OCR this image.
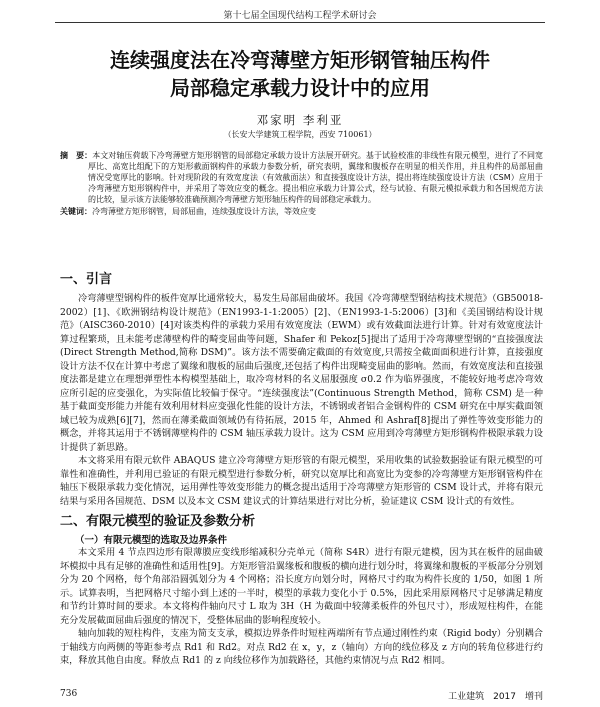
第十七届全国现代结构工程学术研讨会
连续强度法在冷弯薄壁方矩形钢管轴压构件
局部稳定承载力设计中的应用
邓家明 李利亚
（长安大学建筑工程学院，西安 710061）
摘　要：本文对轴压荷载下冷弯薄壁方矩形钢管的局部稳定承载力设计方法展开研究。基于试验校准的非线性有限元模型，进行了不同宽厚比、高宽比组配下的方矩形截面钢构件的承载力参数分析，研究表明，翼缘和腹板存在明显的相关作用，并且构件的局部屈曲情况受宽厚比的影响。针对现阶段的有效宽度法（有效截面法）和直接强度设计方法，提出将连续强度设计方法（CSM）应用于冷弯薄壁方矩形钢构件中，并采用了等效应变的概念。提出相应承载力计算公式，经与试验、有限元模拟承载力和各国规范方法的比较，显示该方法能够较准确预测冷弯薄壁方矩形轴压构件的局部稳定承载力。
关键词：冷弯薄壁方矩形钢管，局部屈曲，连续强度设计方法，等效应变
一、引言

冷弯薄壁型钢构件的板件宽厚比通常较大，易发生局部屈曲破坏。我国《冷弯薄壁型钢结构技术规范》（GB50018-2002）[1]、《欧洲钢结构设计规范》（EN1993-1-1:2005）[2]、（EN1993-1-5:2006）[3]和《美国钢结构设计规范》（AISC360-2010）[4]对该类构件的承载力采用有效宽度法（EWM）或有效截面法进行计算。针对有效宽度法计算过程繁琐，且未能考虑薄壁构件的畸变屈曲等问题，Shafer 和 Pekoz[5]提出了适用于冷弯薄壁型钢的“直接强度法(Direct Strength Method,简称 DSM)”。该方法不需要确定截面的有效宽度,只需按全截面面积进行计算，直接强度设计方法不仅在计算中考虑了翼缘和腹板的屈曲后强度,还包括了构件出现畸变屈曲的影响。然而，有效宽度法和直接强度法都是建立在理想弹塑性本构模型基础上，取冷弯材料的名义屈服强度 σ0.2 作为临界强度，不能较好地考虑冷弯效应所引起的应变强化，为实际值比较偏于保守。“连续强度法”(Continuous Strength Method，简称 CSM) 是一种基于截面变形能力并能有效利用材料应变强化性能的设计方法，不锈钢或者铝合金钢构件的 CSM 研究在中厚实截面领域已较为成熟[6][7]，然而在薄柔截面领域仍有待拓展，2015 年，Ahmed 和 Ashraf[8]提出了弹性等效变形能力的概念，并将其运用于不锈钢薄壁构件的 CSM 轴压承载力设计。这为 CSM 应用到冷弯薄壁方矩形钢构件极限承载力设计提供了新思路。

本文将采用有限元软件 ABAQUS 建立冷弯薄壁方矩形管的有限元模型，采用收集的试验数据验证有限元模型的可靠性和准确性，并利用已验证的有限元模型进行参数分析，研究以宽厚比和高宽比为变参的冷弯薄壁方矩形钢管构件在轴压下极限承载力变化情况，运用弹性等效变形能力的概念提出适用于冷弯薄壁方矩形管的 CSM 设计式，并将有限元结果与采用各国规范、DSM 以及本文 CSM 建议式的计算结果进行对比分析，验证建议 CSM 设计式的有效性。

二、有限元模型的验证及参数分析
（一）有限元模型的选取及边界条件

本文采用 4 节点四边形有限薄膜应变线形缩减积分壳单元（简称 S4R）进行有限元建模，因为其在板件的屈曲破坏模拟中具有足够的准确性和适用性[9]。方矩形管沿翼缘板和腹板的横向进行划分时，将翼缘和腹板的平板部分分别划分为 20 个网格，每个角部沿圆弧划分为 4 个网格；沿长度方向划分时，网格尺寸约取为构件长度的 1/50，如图 1 所示。试算表明，当把网格尺寸缩小到上述的一半时，模型的承载力变化小于 0.5%，因此采用原网格尺寸足够满足精度和节约计算时间的要求。本文将构件轴向尺寸 L 取为 3H（H 为截面中较薄柔板件的外包尺寸），形成短柱构件，在能充分发展截面屈曲后强度的情况下，受整体屈曲的影响程度较小。

轴向加载的短柱构件，支座为简支支承，模拟边界条件时短柱两端所有节点通过刚性约束（Rigid body）分别耦合于轴线方向两侧的等距参考点 Rd1 和 Rd2。对点 Rd2 在 x，y，z（轴向）方向的线位移及 z 方向的转角位移进行约束，释放其他自由度。释放点 Rd1 的 z 向线位移作为加载路径，其他约束情况与点 Rd2 相同。

736	工业建筑　2017　增刊
